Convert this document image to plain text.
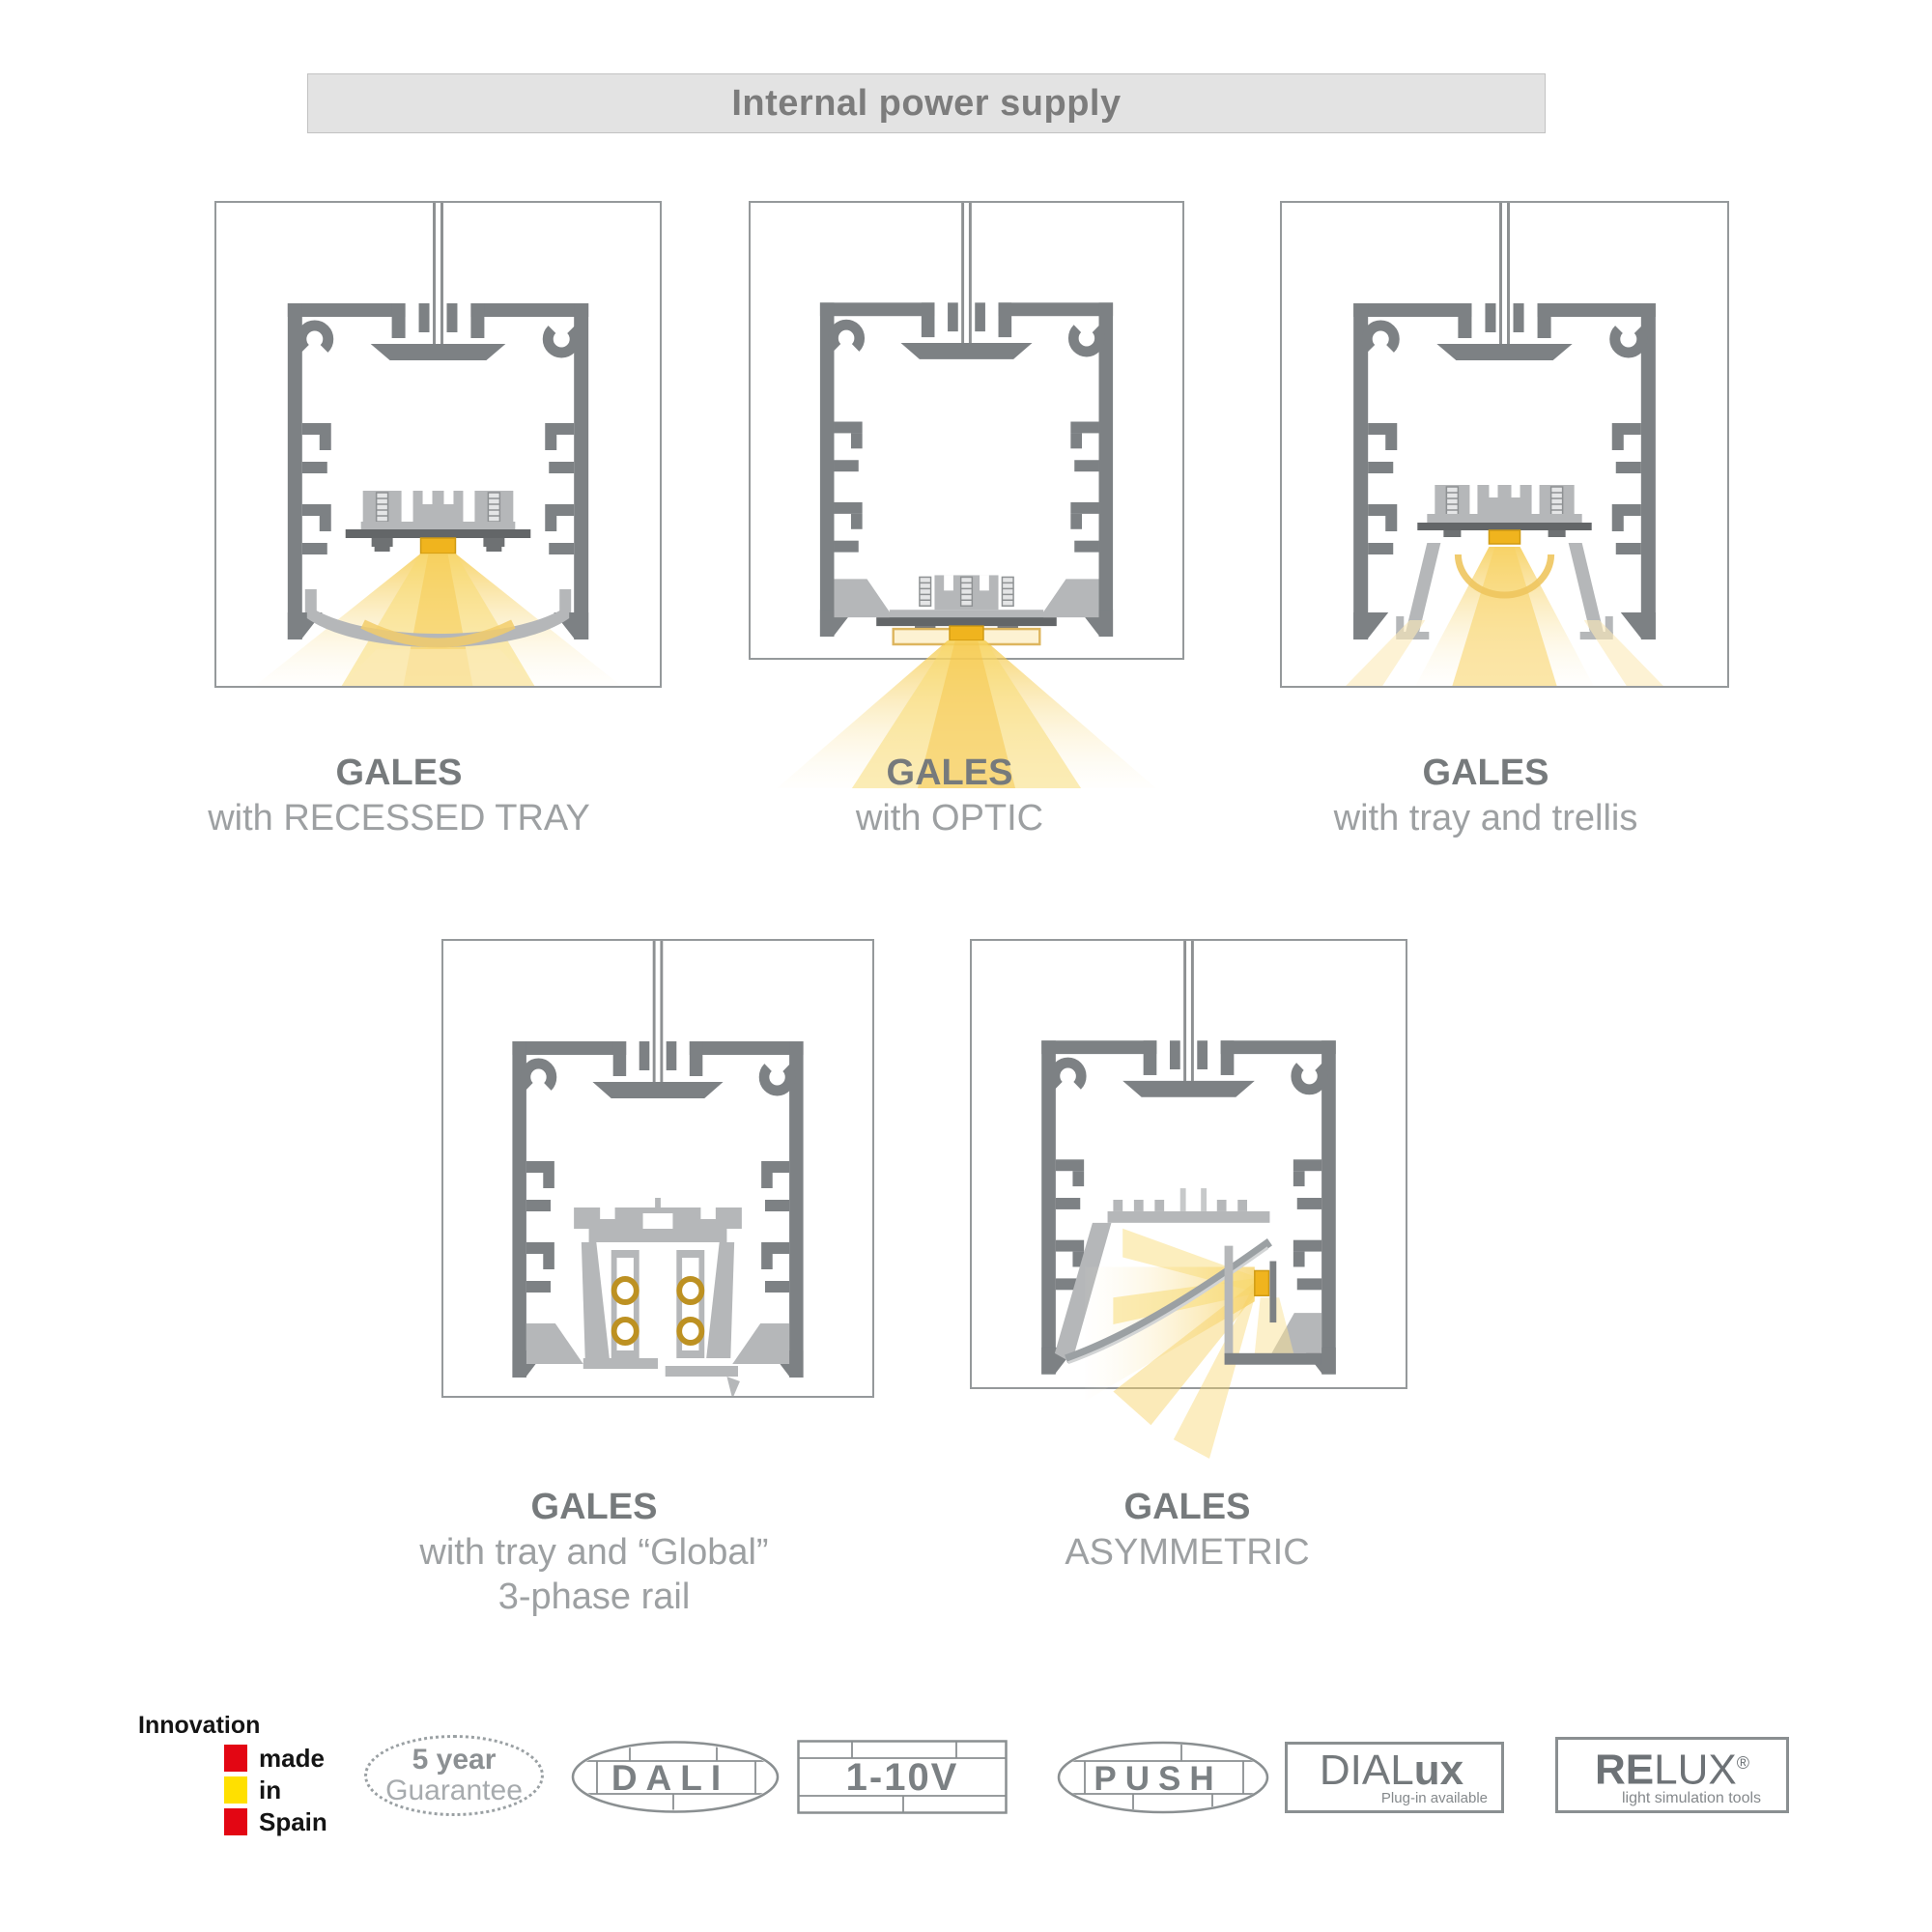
Internal power supply
GALES
with RECESSED TRAY
GALES
with OPTIC
GALES
with tray and trellis
GALES
with tray and “Global”
3-phase rail
GALES
ASYMMETRIC
Innovation
made
in
Spain
5 year
Guarantee DALI	1-10V	PUSH	DIALux
Plug-in available
RELUX®
light simulation tools
